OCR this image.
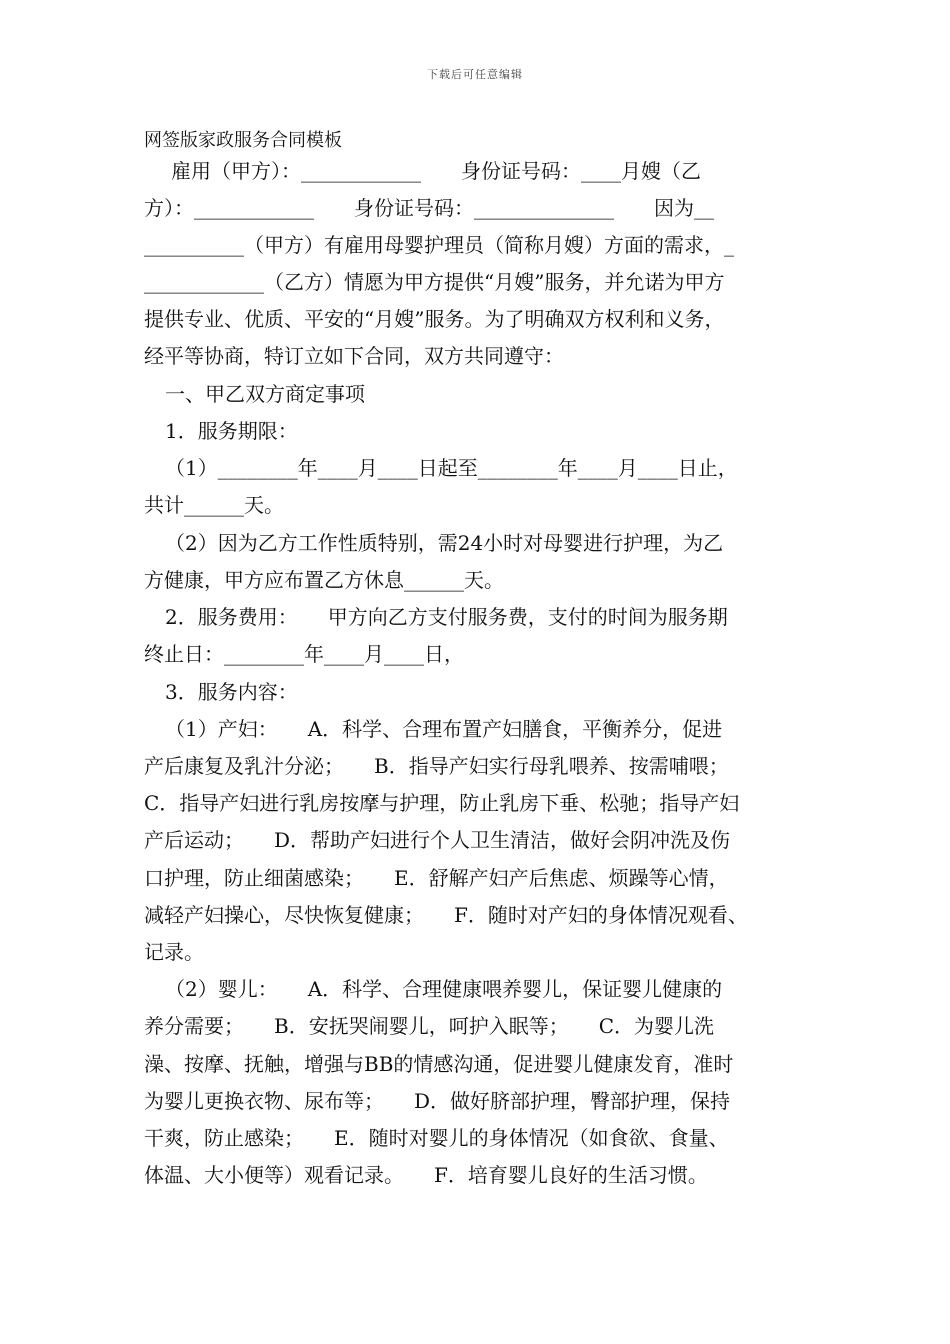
下载后可任意编辑
网签版家政服务合同模板
雇用（甲方）：____________　　身份证号码：____月嫂（乙
方）：____________　　身份证号码：______________　　因为__
__________（甲方）有雇用母婴护理员（简称月嫂）方面的需求，_
____________（乙方）情愿为甲方提供“月嫂”服务，并允诺为甲方
提供专业、优质、平安的“月嫂”服务。为了明确双方权利和义务，
经平等协商，特订立如下合同，双方共同遵守：
一、甲乙双方商定事项
1．服务期限：
（1）________年____月____日起至________年____月____日止，
共计______天。
（2）因为乙方工作性质特别，需24小时对母婴进行护理，为乙
方健康，甲方应布置乙方休息______天。
2．服务费用：　　甲方向乙方支付服务费，支付的时间为服务期
终止日：________年____月____日，
3．服务内容：
（1）产妇：　　A．科学、合理布置产妇膳食，平衡养分，促进
产后康复及乳汁分泌；　　B．指导产妇实行母乳喂养、按需哺喂；
C．指导产妇进行乳房按摩与护理，防止乳房下垂、松驰；指导产妇
产后运动；　　D．帮助产妇进行个人卫生清洁，做好会阴冲洗及伤
口护理，防止细菌感染；　　E．舒解产妇产后焦虑、烦躁等心情，
减轻产妇操心，尽快恢复健康；　　F．随时对产妇的身体情况观看、
记录。
（2）婴儿：　　A．科学、合理健康喂养婴儿，保证婴儿健康的
养分需要；　　B．安抚哭闹婴儿，呵护入眠等；　　C．为婴儿洗
澡、按摩、抚触，增强与BB的情感沟通，促进婴儿健康发育，准时
为婴儿更换衣物、尿布等；　　D．做好脐部护理，臀部护理，保持
干爽，防止感染；　　E．随时对婴儿的身体情况（如食欲、食量、
体温、大小便等）观看记录。　　F．培育婴儿良好的生活习惯。
